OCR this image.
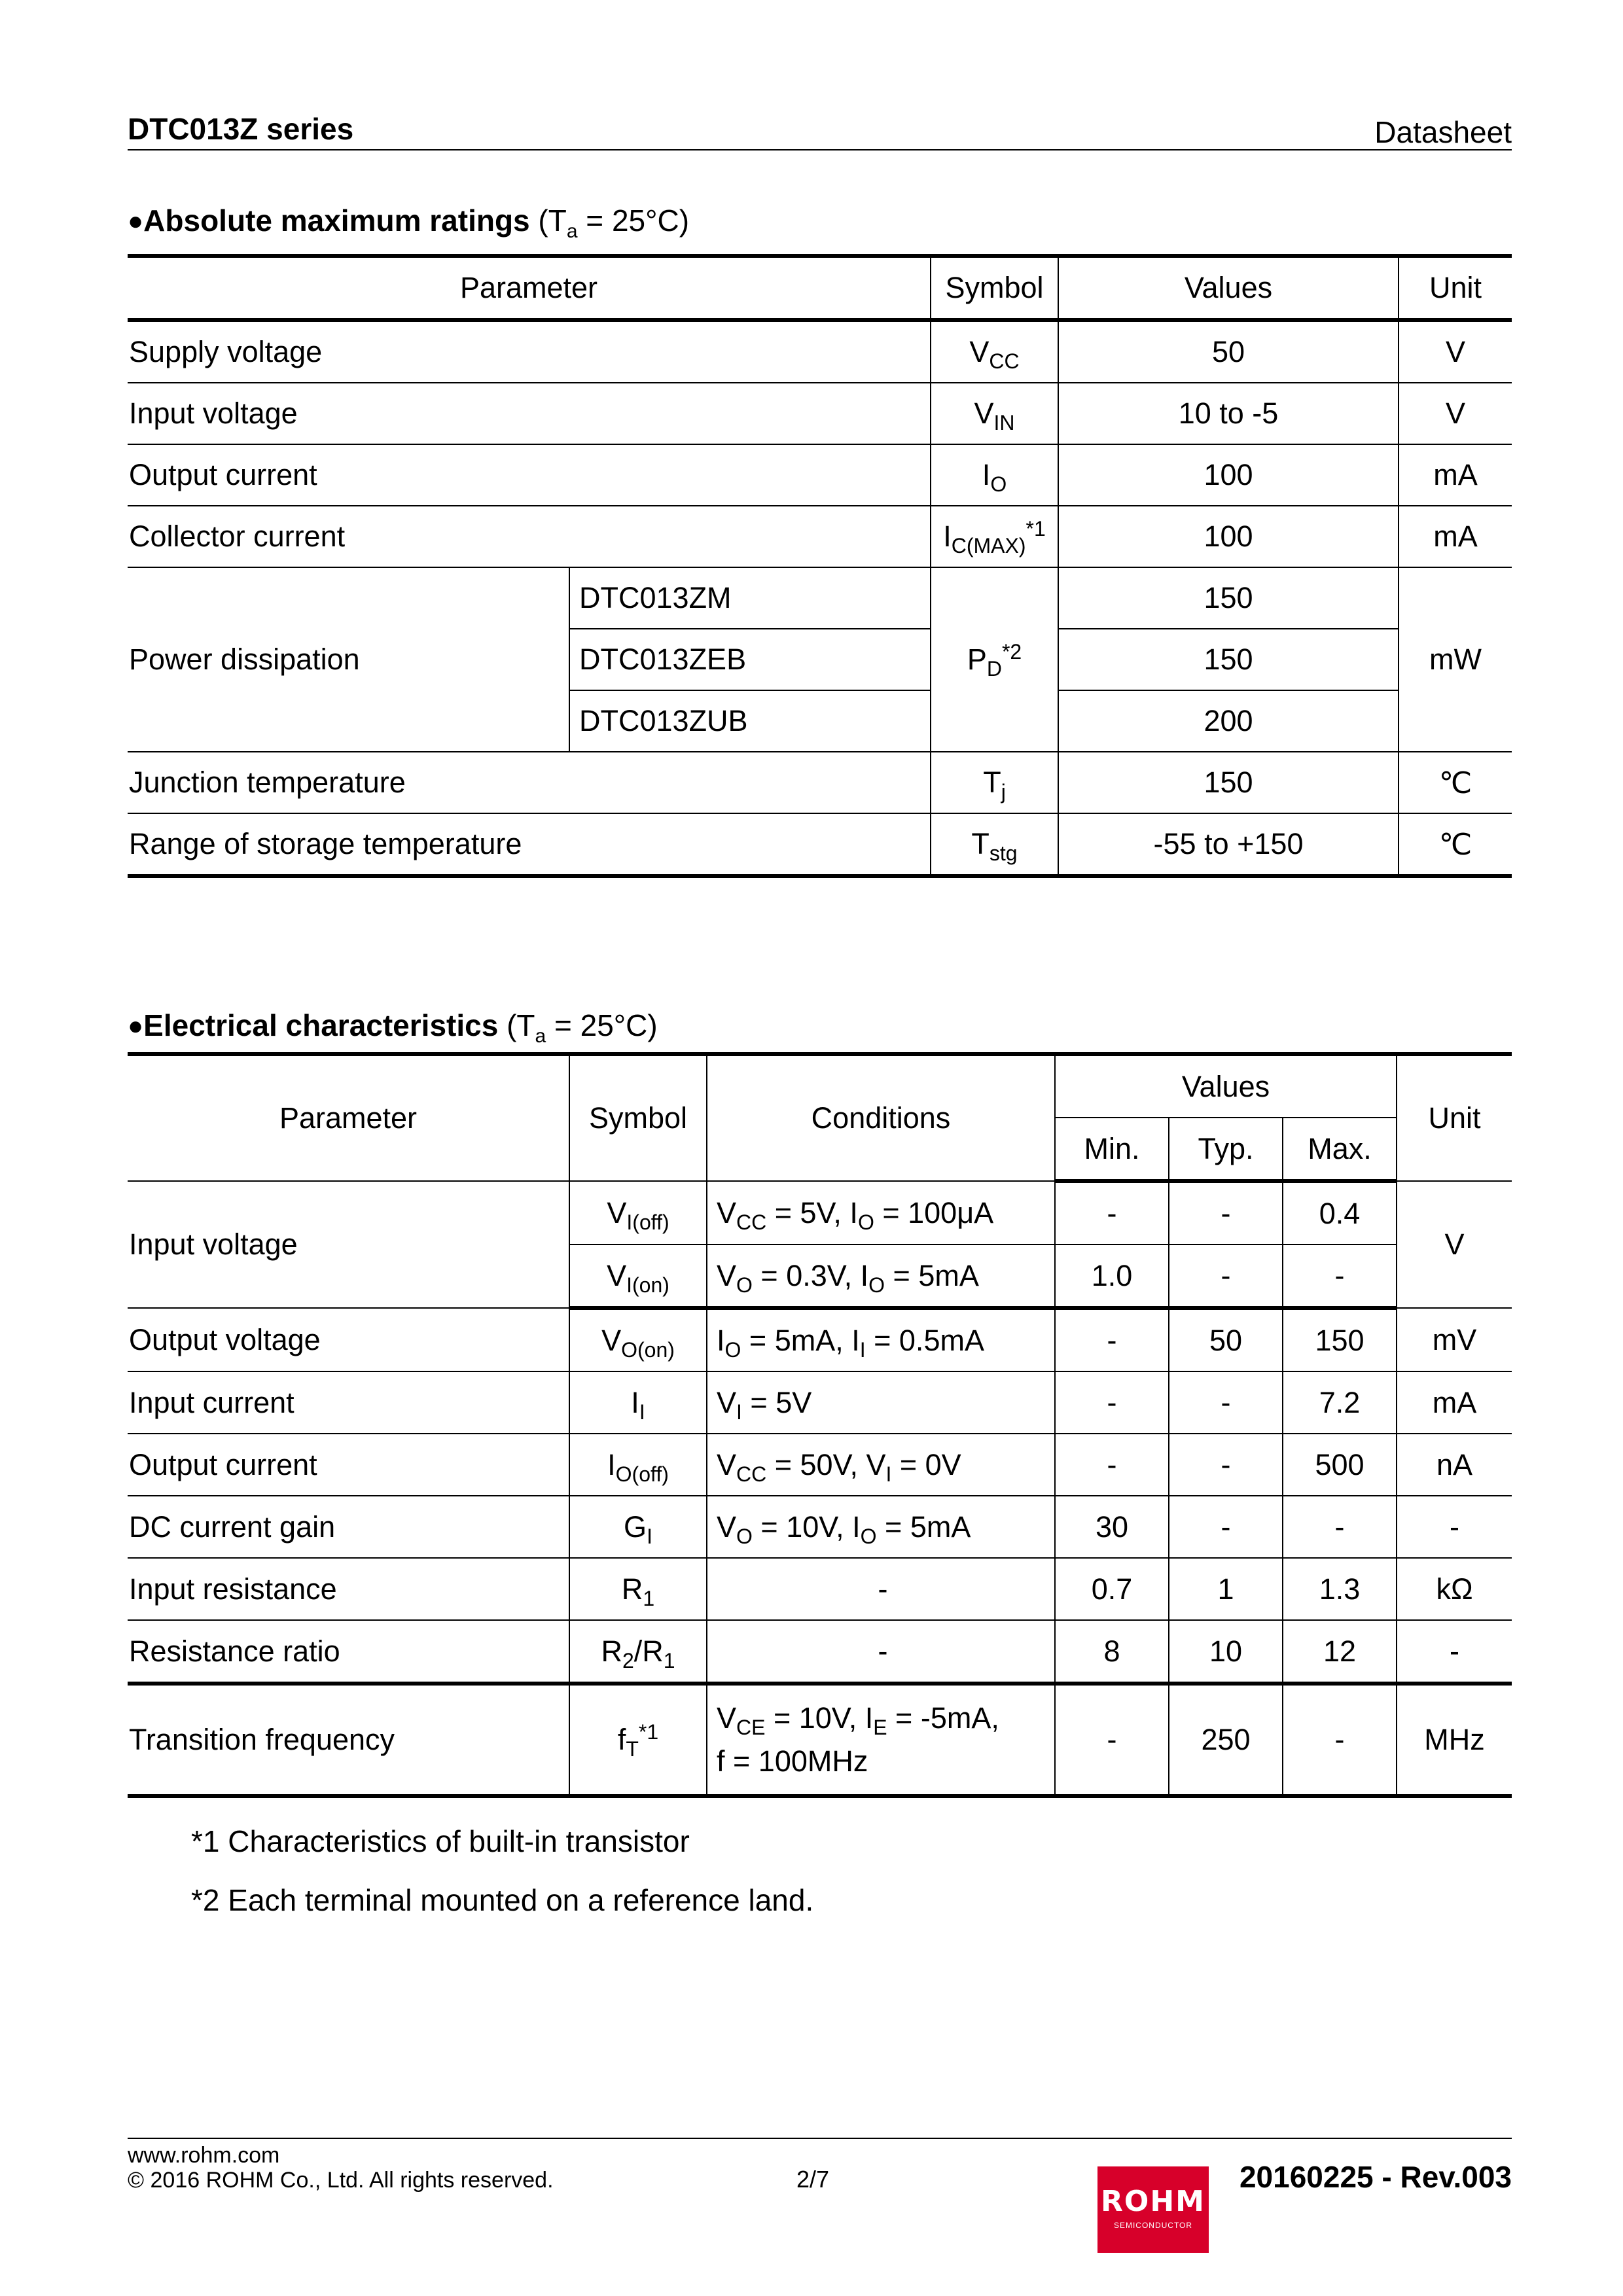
DTC013Z series	Datasheet
●Absolute maximum ratings $(T_a = 25^\circ C)$
Parameter		Symbol	Values	Unit
Supply voltage		$V_{CC}$	50	V
Input voltage		$V_{IN}$	10 to -5	V
Output current		$I_O$	100	mA
Collector current		$I_{C(MAX)}^{*1}$	100	mA
Power dissipation	DTC013ZM	$P_D^{*2}$	150	mW
	DTC013ZEB		150	
	DTC013ZUB		200	
Junction temperature		$T_j$	150	℃
Range of storage temperature		$T_{stg}$	-55 to +150	℃
●Electrical characteristics $(T_a = 25^\circ C)$
Parameter	Symbol	Conditions	Values			Unit
			Min.	Typ.	Max.	
Input voltage	$V_{I(off)}$	$V_{CC} = 5V$, $I_O = 100\mu A$	-	-	0.4	V
	$V_{I(on)}$	$V_O = 0.3V$, $I_O = 5mA$	1.0	-	-	
Output voltage	$V_{O(on)}$	$I_O = 5mA$, $I_I = 0.5mA$	-	50	150	mV
Input current	$I_I$	$V_I = 5V$	-	-	7.2	mA
Output current	$I_{O(off)}$	$V_{CC} = 50V$, $V_I = 0V$	-	-	500	nA
DC current gain	$G_I$	$V_O = 10V$, $I_O = 5mA$	30	-	-	-
Input resistance	$R_1$	-	0.7	1	1.3	kΩ
Resistance ratio	$R_2/R_1$	-	8	10	12	-
Transition frequency	$f_T^{*1}$	$V_{CE} = 10V$, $I_E = -5mA$,
f = 100MHz	-	250	-	MHz
*1 Characteristics of built-in transistor
*2 Each terminal mounted on a reference land.
www.rohm.com
© 2016 ROHM Co., Ltd. All rights reserved.	2/7
ROHM
SEMICONDUCTOR
20160225 - Rev.003
